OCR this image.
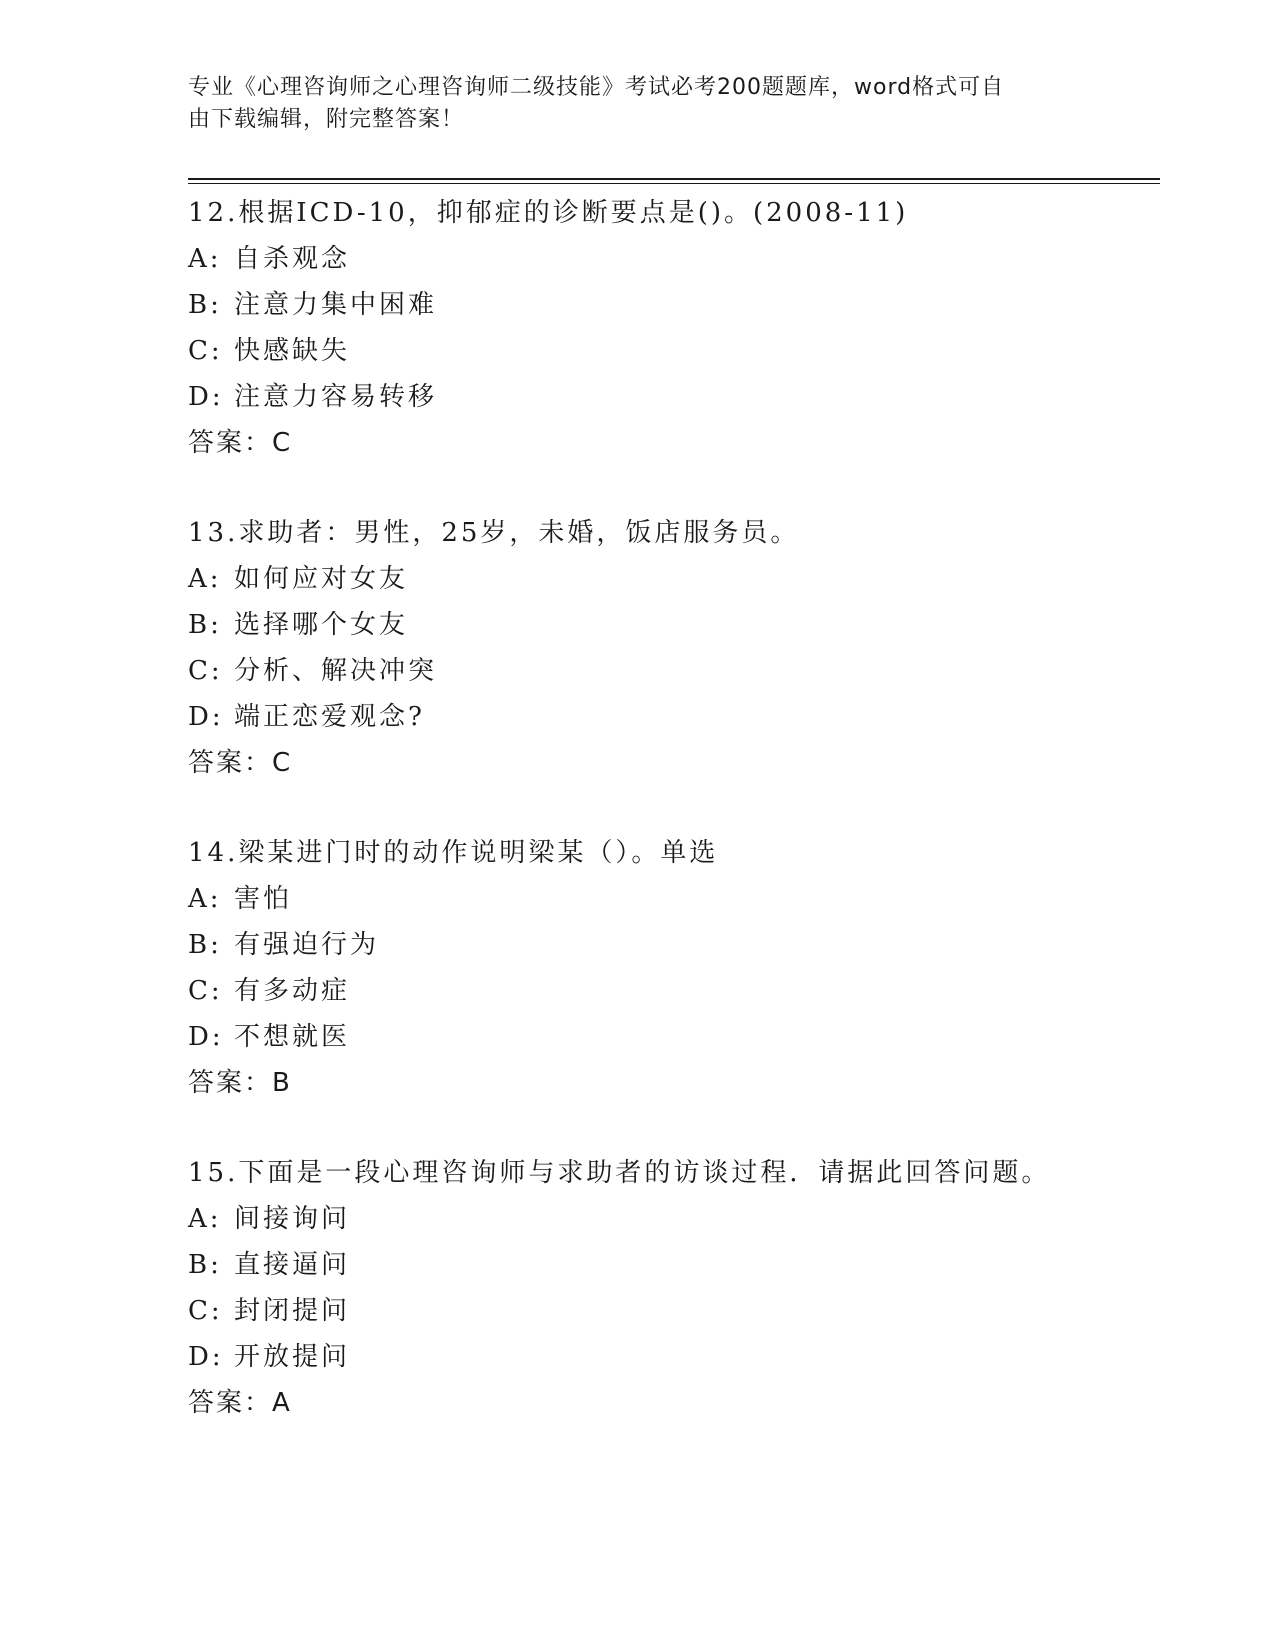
专业《心理咨询师之心理咨询师二级技能》考试必考200题题库，word格式可自
由下载编辑，附完整答案！
12.根据ICD-10，抑郁症的诊断要点是()。(2008-11)
A: 自杀观念
B: 注意力集中困难
C: 快感缺失
D: 注意力容易转移
答案：C
13.求助者：男性，25岁，未婚，饭店服务员。
A: 如何应对女友
B: 选择哪个女友
C: 分析、解决冲突
D: 端正恋爱观念?
答案：C
14.梁某进门时的动作说明梁某（）。单选
A: 害怕
B: 有强迫行为
C: 有多动症
D: 不想就医
答案：B
15.下面是一段心理咨询师与求助者的访谈过程．请据此回答问题。
A: 间接询问
B: 直接逼问
C: 封闭提问
D: 开放提问
答案：A
